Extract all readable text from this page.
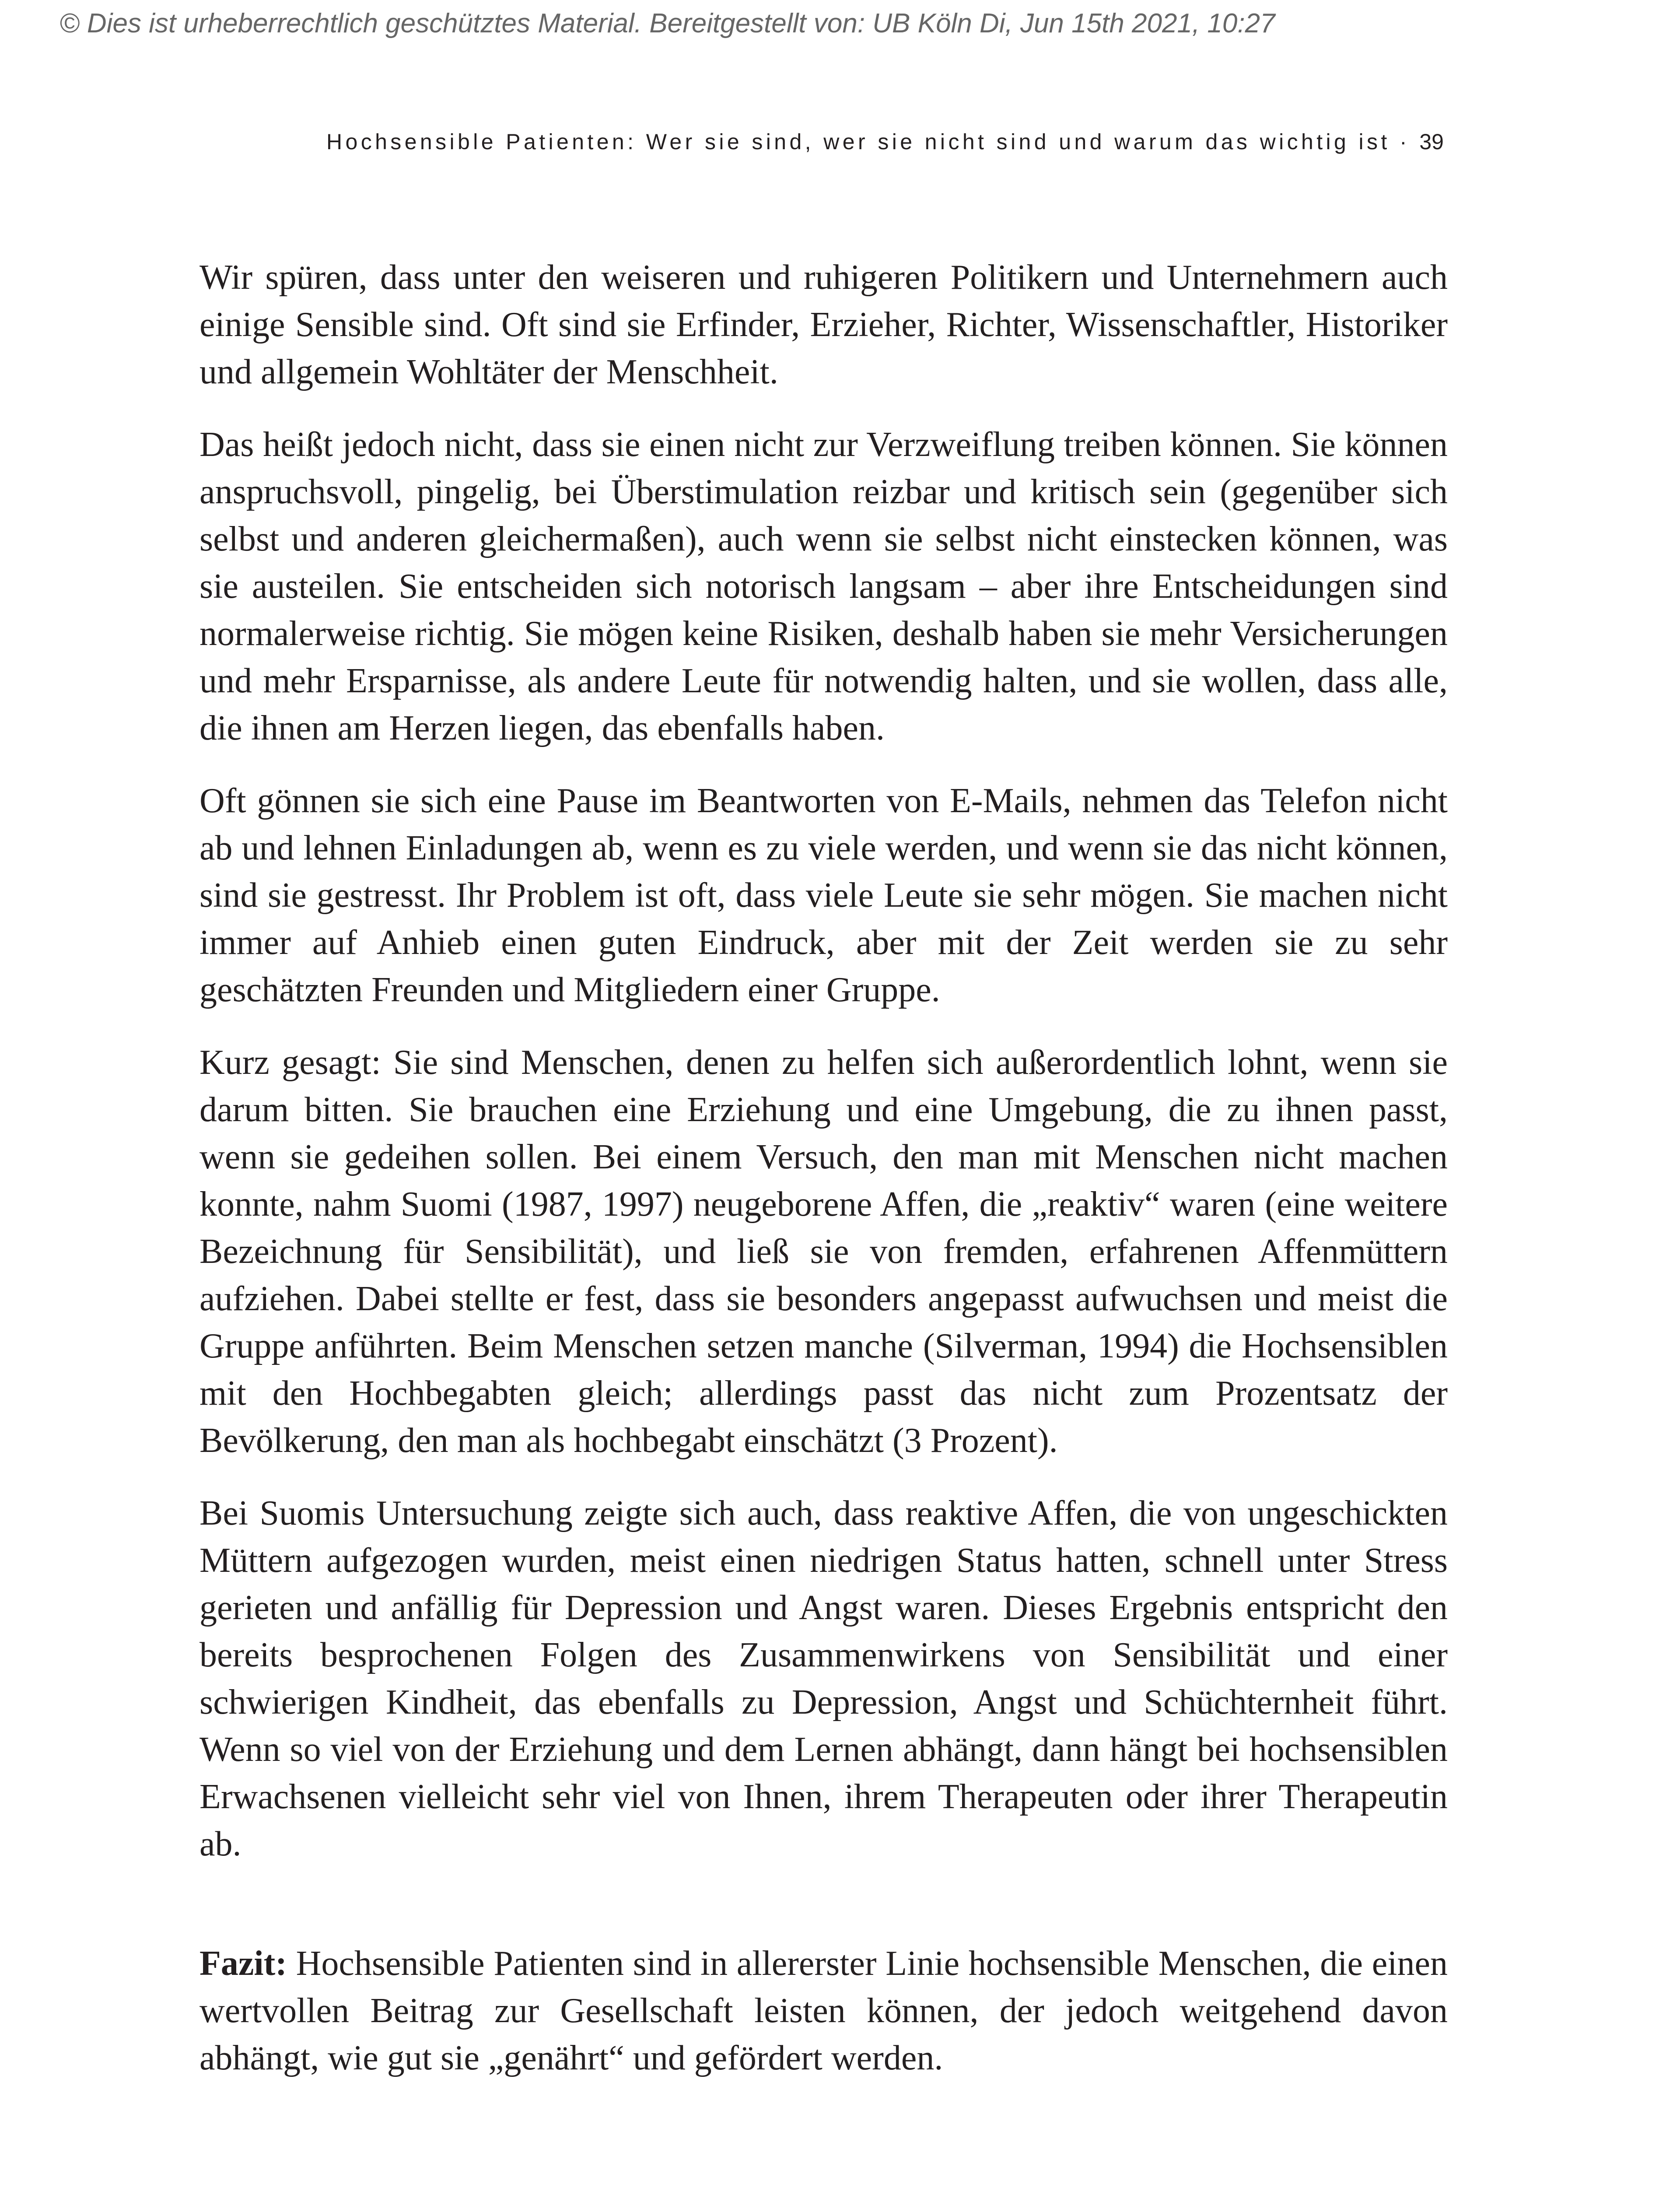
© Dies ist urheberrechtlich geschütztes Material. Bereitgestellt von: UB Köln Di, Jun 15th 2021, 10:27
Hochsensible Patienten: Wer sie sind, wer sie nicht sind und warum das wichtig ist · 39

Wir spüren, dass unter den weiseren und ruhigeren Politikern und Unternehmern auch einige Sensible sind. Oft sind sie Erfinder, Erzieher, Richter, Wissenschaftler, Historiker und allgemein Wohltäter der Menschheit.

Das heißt jedoch nicht, dass sie einen nicht zur Verzweiflung treiben können. Sie können anspruchsvoll, pingelig, bei Überstimulation reizbar und kritisch sein (gegenüber sich selbst und anderen gleichermaßen), auch wenn sie selbst nicht einstecken können, was sie austeilen. Sie entscheiden sich notorisch langsam – aber ihre Entscheidungen sind normalerweise richtig. Sie mögen keine Risiken, deshalb haben sie mehr Versicherungen und mehr Ersparnisse, als andere Leute für notwendig halten, und sie wollen, dass alle, die ihnen am Herzen liegen, das ebenfalls haben.

Oft gönnen sie sich eine Pause im Beantworten von E-Mails, nehmen das Telefon nicht ab und lehnen Einladungen ab, wenn es zu viele werden, und wenn sie das nicht können, sind sie gestresst. Ihr Problem ist oft, dass viele Leute sie sehr mögen. Sie machen nicht immer auf Anhieb einen guten Eindruck, aber mit der Zeit werden sie zu sehr geschätzten Freunden und Mitgliedern einer Gruppe.

Kurz gesagt: Sie sind Menschen, denen zu helfen sich außerordentlich lohnt, wenn sie darum bitten. Sie brauchen eine Erziehung und eine Umgebung, die zu ihnen passt, wenn sie gedeihen sollen. Bei einem Versuch, den man mit Menschen nicht machen konnte, nahm Suomi (1987, 1997) neugeborene Affen, die „reaktiv“ waren (eine weitere Bezeichnung für Sensibilität), und ließ sie von fremden, erfahrenen Affenmüttern aufziehen. Dabei stellte er fest, dass sie besonders angepasst aufwuchsen und meist die Gruppe anführten. Beim Menschen setzen manche (Silverman, 1994) die Hochsensiblen mit den Hochbegabten gleich; allerdings passt das nicht zum Prozentsatz der Bevölkerung, den man als hochbegabt einschätzt (3 Prozent).

Bei Suomis Untersuchung zeigte sich auch, dass reaktive Affen, die von ungeschickten Müttern aufgezogen wurden, meist einen niedrigen Status hatten, schnell unter Stress gerieten und anfällig für Depression und Angst waren. Dieses Ergebnis entspricht den bereits besprochenen Folgen des Zusammenwirkens von Sensibilität und einer schwierigen Kindheit, das ebenfalls zu Depression, Angst und Schüchternheit führt. Wenn so viel von der Erziehung und dem Lernen abhängt, dann hängt bei hochsensiblen Erwachsenen vielleicht sehr viel von Ihnen, ihrem Therapeuten oder ihrer Therapeutin ab.

Fazit: Hochsensible Patienten sind in allererster Linie hochsensible Menschen, die einen wertvollen Beitrag zur Gesellschaft leisten können, der jedoch weitgehend davon abhängt, wie gut sie „genährt“ und gefördert werden.
